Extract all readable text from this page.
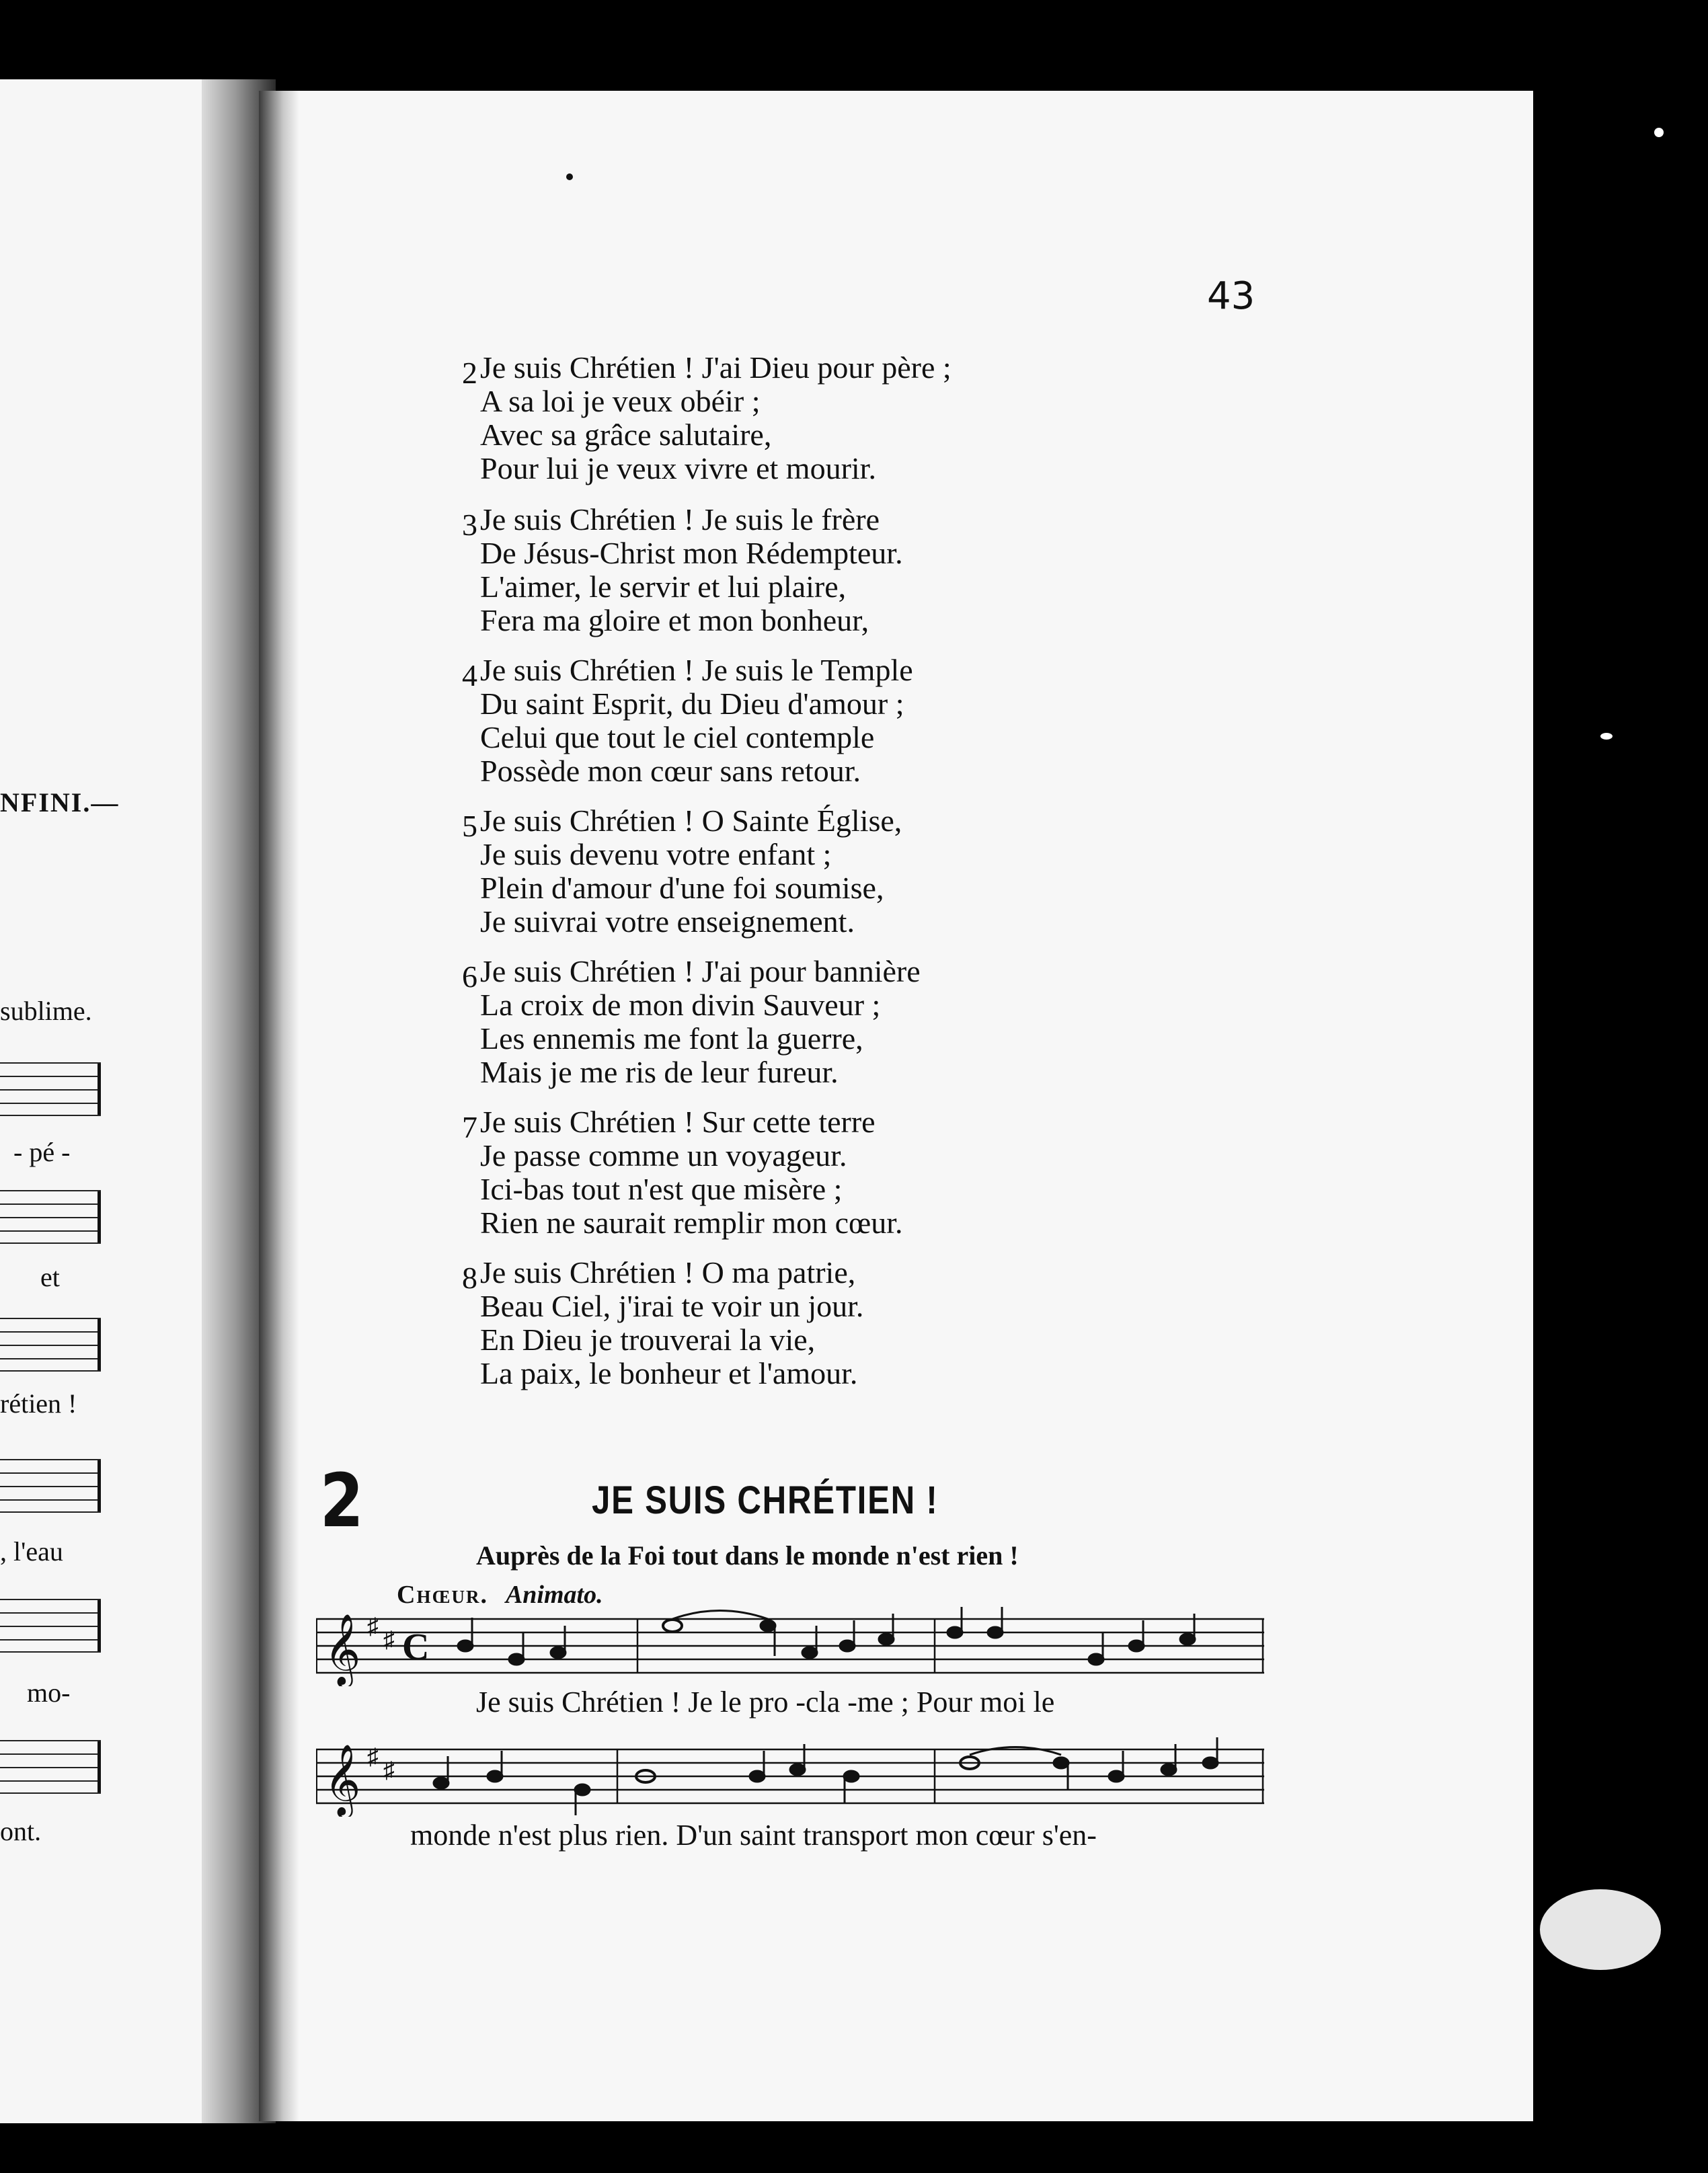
NFINI.—
sublime.
- pé -
et
rétien !
, l'eau
mo-
ont.
43
2 Je suis Chrétien ! J'ai Dieu pour père ;
A sa loi je veux obéir ;
Avec sa grâce salutaire,
Pour lui je veux vivre et mourir.
3 Je suis Chrétien ! Je suis le frère
De Jésus-Christ mon Rédempteur.
L'aimer, le servir et lui plaire,
Fera ma gloire et mon bonheur,
4 Je suis Chrétien ! Je suis le Temple
Du saint Esprit, du Dieu d'amour ;
Celui que tout le ciel contemple
Possède mon cœur sans retour.
5 Je suis Chrétien ! O Sainte Église,
Je suis devenu votre enfant ;
Plein d'amour d'une foi soumise,
Je suivrai votre enseignement.
6 Je suis Chrétien ! J'ai pour bannière
La croix de mon divin Sauveur ;
Les ennemis me font la guerre,
Mais je me ris de leur fureur.
7 Je suis Chrétien ! Sur cette terre
Je passe comme un voyageur.
Ici-bas tout n'est que misère ;
Rien ne saurait remplir mon cœur.
8 Je suis Chrétien ! O ma patrie,
Beau Ciel, j'irai te voir un jour.
En Dieu je trouverai la vie,
La paix, le bonheur et l'amour.
2	JE SUIS CHRÉTIEN !
Auprès de la Foi tout dans le monde n'est rien !
Chœur. Animato.
𝄞 ♯
♯ C
Je suis Chrétien ! Je le pro -cla -me ; Pour moi le
𝄞 ♯
♯
monde n'est plus rien. D'un saint transport mon cœur s'en-
